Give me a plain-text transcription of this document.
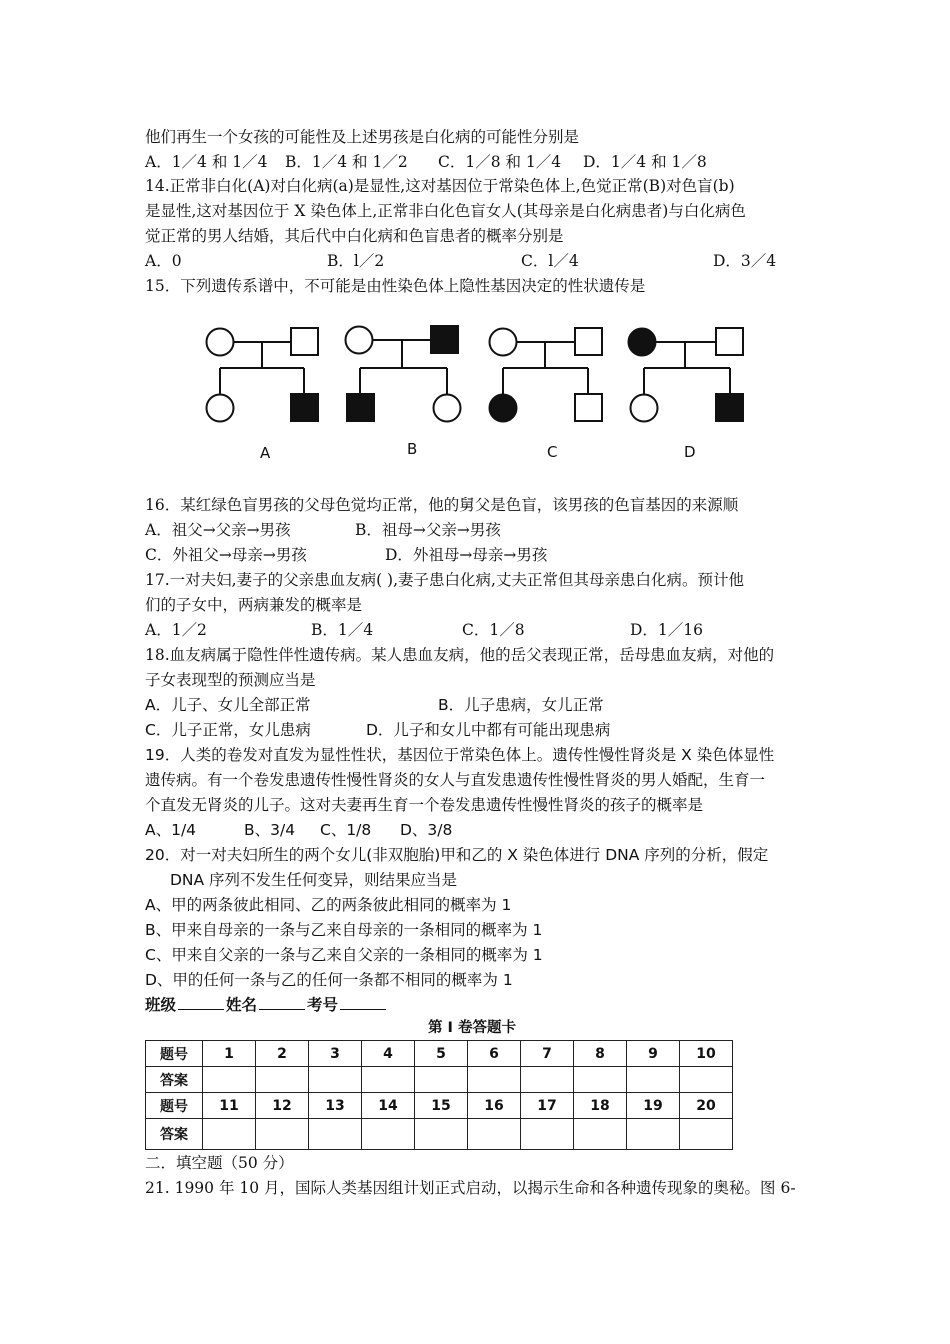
他们再生一个女孩的可能性及上述男孩是白化病的可能性分别是
A．1／4 和 1／4 B．1／4 和 1／2 C．1／8 和 1／4 D．1／4 和 1／8
14.正常非白化(A)对白化病(a)是显性,这对基因位于常染色体上,色觉正常(B)对色盲(b)
是显性,这对基因位于 X 染色体上,正常非白化色盲女人(其母亲是白化病患者)与白化病色
觉正常的男人结婚，其后代中白化病和色盲患者的概率分别是
A．0	B．l／2	C．l／4	D．3／4
15．下列遗传系谱中，不可能是由性染色体上隐性基因决定的性状遗传是
A	B	C	D
16．某红绿色盲男孩的父母色觉均正常，他的舅父是色盲，该男孩的色盲基因的来源顺
A．祖父→父亲→男孩	B．祖母→父亲→男孩
C．外祖父→母亲→男孩	D．外祖母→母亲→男孩
17.一对夫妇,妻子的父亲患血友病( ),妻子患白化病,丈夫正常但其母亲患白化病。预计他
们的子女中，两病兼发的概率是
A．1／2	B．1／4	C．1／8	D．1／16
18.血友病属于隐性伴性遗传病。某人患血友病，他的岳父表现正常，岳母患血友病，对他的
子女表现型的预测应当是
A．儿子、女儿全部正常	B．儿子患病，女儿正常
C．儿子正常，女儿患病	D．儿子和女儿中都有可能出现患病
19．人类的卷发对直发为显性性状，基因位于常染色体上。遗传性慢性肾炎是 X 染色体显性
遗传病。有一个卷发患遗传性慢性肾炎的女人与直发患遗传性慢性肾炎的男人婚配，生育一
个直发无肾炎的儿子。这对夫妻再生育一个卷发患遗传性慢性肾炎的孩子的概率是
A、1/4	B、3/4 C、1/8 D、3/8
20．对一对夫妇所生的两个女儿(非双胞胎)甲和乙的 X 染色体进行 DNA 序列的分析，假定
DNA 序列不发生任何变异，则结果应当是
A、甲的两条彼此相同、乙的两条彼此相同的概率为 1
B、甲来自母亲的一条与乙来自母亲的一条相同的概率为 1
C、甲来自父亲的一条与乙来自父亲的一条相同的概率为 1
D、甲的任何一条与乙的任何一条都不相同的概率为 1
班级	姓名	考号
第 I 卷答题卡
题号	1	2	3	4	5	6	7	8	9	10
答案										
题号	11	12	13	14	15	16	17	18	19	20
答案										
二．填空题（50 分）
21. 1990 年 10 月，国际人类基因组计划正式启动，以揭示生命和各种遗传现象的奥秘。图 6-
